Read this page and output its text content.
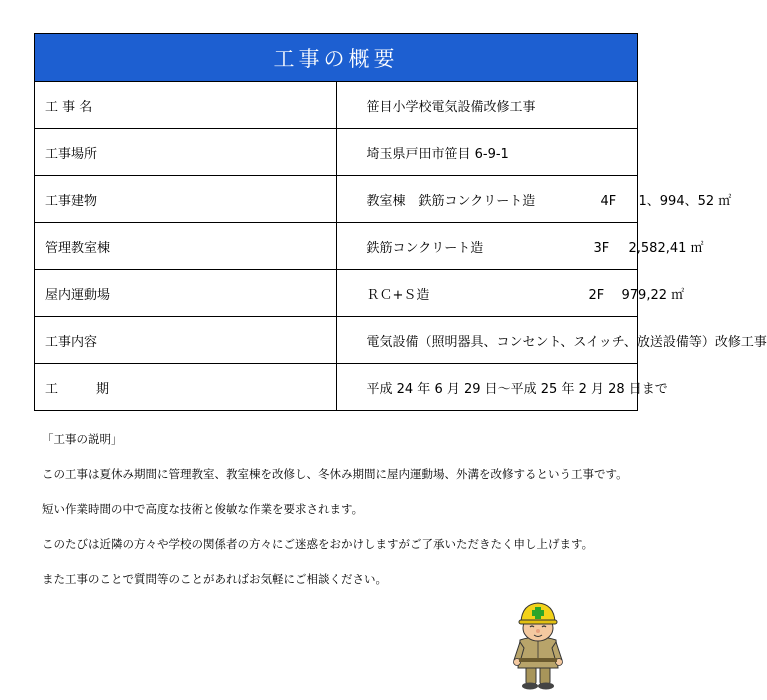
工事の概要	
工 事 名	笹目小学校電気設備改修工事
工事場所	埼玉県戸田市笹目 6-9-1
工事建物	教室棟　鉄筋コンクリート造 4F 1、994、52 ㎡
管理教室棟	鉄筋コンクリート造 3F 2,582,41 ㎡
屋内運動場	ＲＣ+Ｓ造 2F 979,22 ㎡
工事内容	電気設備（照明器具、コンセント、スイッチ、放送設備等）改修工事

工 期	平成 24 年 6 月 29 日～平成 25 年 2 月 28 日まで

「工事の説明」

この工事は夏休み期間に管理教室、教室棟を改修し、冬休み期間に屋内運動場、外溝を改修するという工事です。

短い作業時間の中で高度な技術と俊敏な作業を要求されます。

このたびは近隣の方々や学校の関係者の方々にご迷惑をおかけしますがご了承いただきたく申し上げます。

また工事のことで質問等のことがあればお気軽にご相談ください。
